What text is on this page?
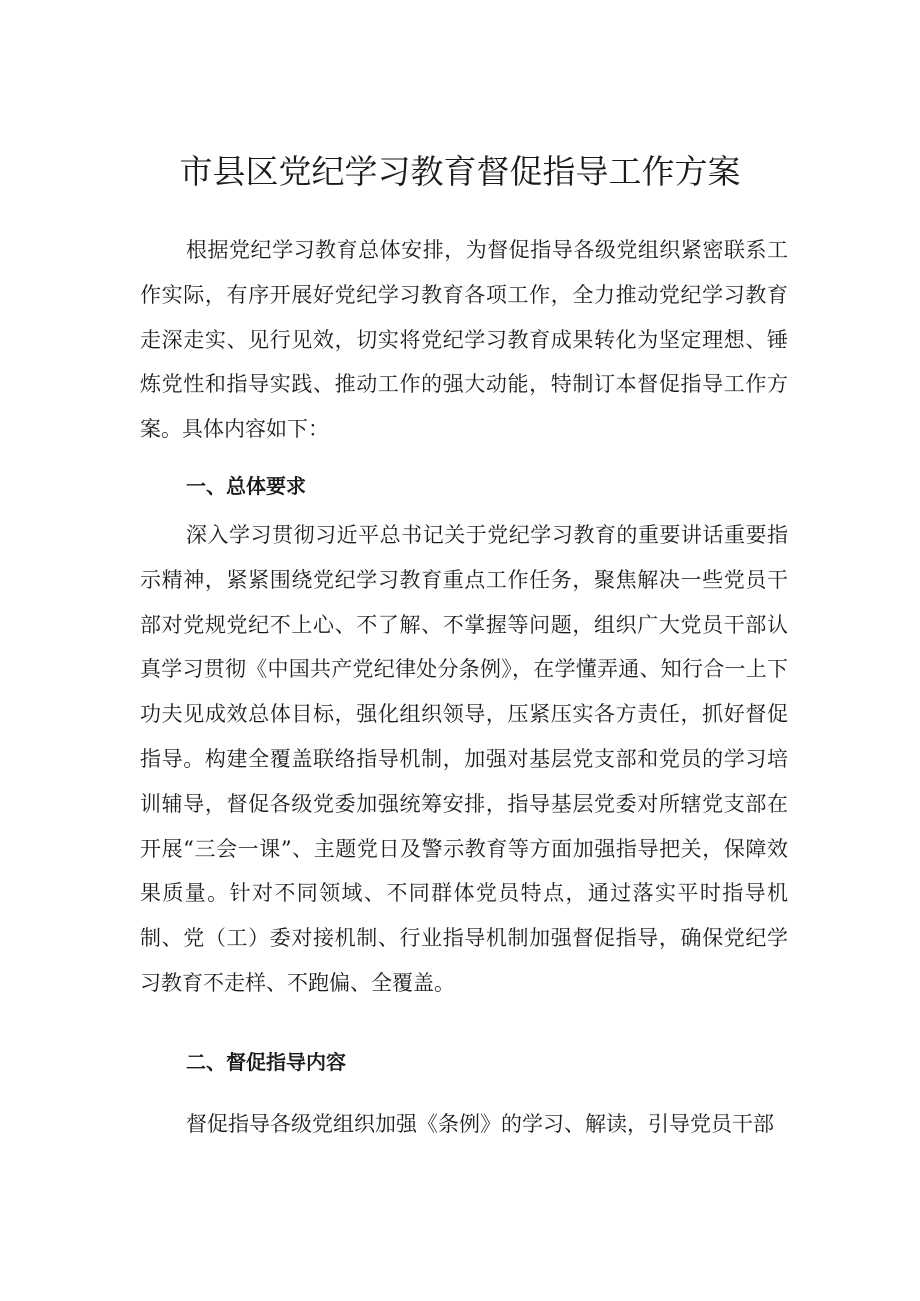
市县区党纪学习教育督促指导工作方案

根据党纪学习教育总体安排，为督促指导各级党组织紧密联系工作实际，有序开展好党纪学习教育各项工作，全力推动党纪学习教育走深走实、见行见效，切实将党纪学习教育成果转化为坚定理想、锤炼党性和指导实践、推动工作的强大动能，特制订本督促指导工作方案。具体内容如下：

一、总体要求

深入学习贯彻习近平总书记关于党纪学习教育的重要讲话重要指示精神，紧紧围绕党纪学习教育重点工作任务，聚焦解决一些党员干部对党规党纪不上心、不了解、不掌握等问题，组织广大党员干部认真学习贯彻《中国共产党纪律处分条例》，在学懂弄通、知行合一上下功夫见成效总体目标，强化组织领导，压紧压实各方责任，抓好督促指导。构建全覆盖联络指导机制，加强对基层党支部和党员的学习培训辅导，督促各级党委加强统筹安排，指导基层党委对所辖党支部在开展“三会一课”、主题党日及警示教育等方面加强指导把关，保障效果质量。针对不同领域、不同群体党员特点，通过落实平时指导机制、党（工）委对接机制、行业指导机制加强督促指导，确保党纪学习教育不走样、不跑偏、全覆盖。

二、督促指导内容

督促指导各级党组织加强《条例》的学习、解读，引导党员干部
